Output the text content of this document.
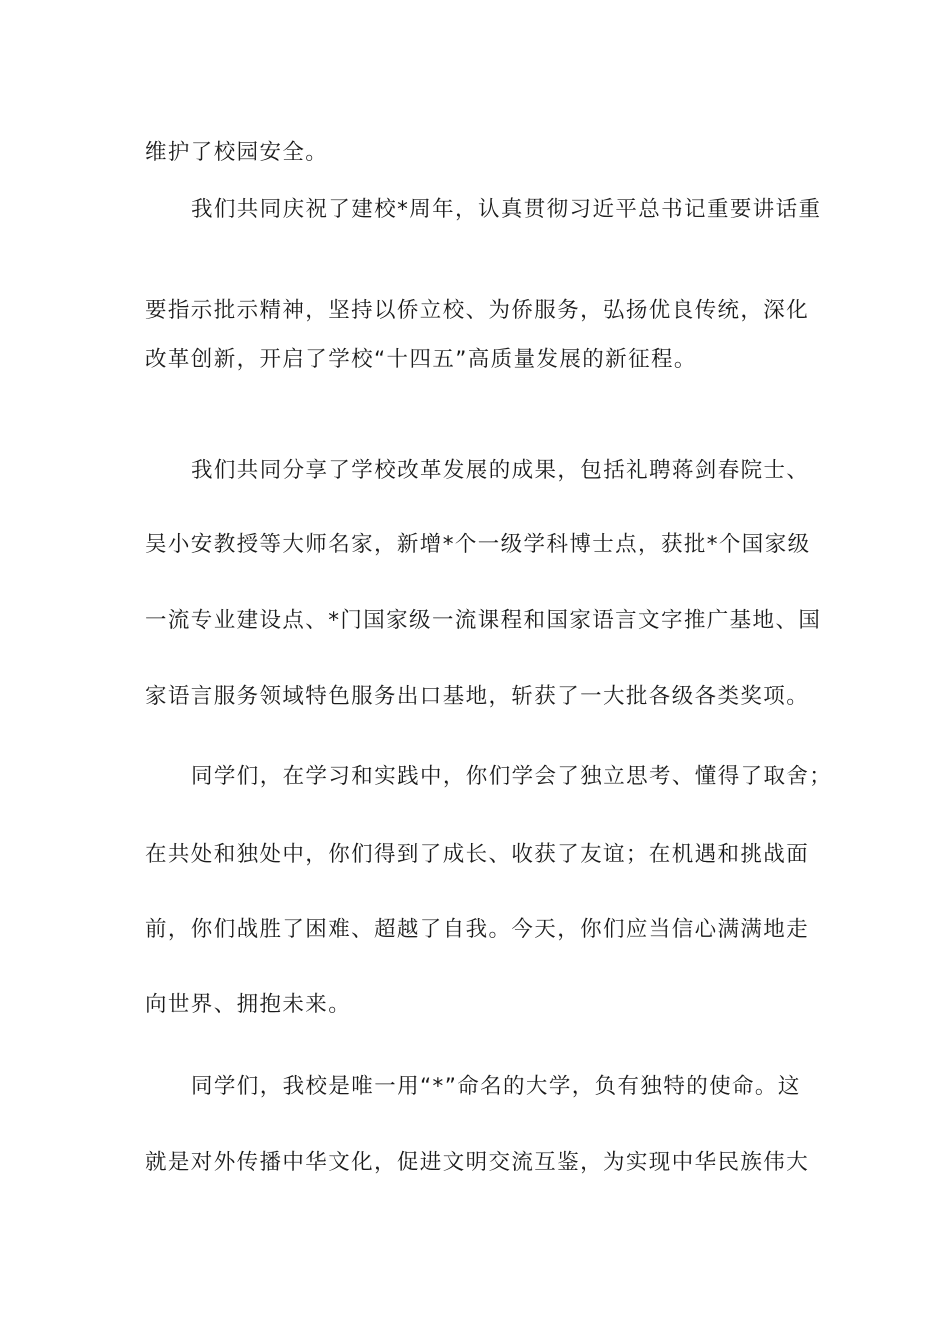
维护了校园安全。
我们共同庆祝了建校*周年，认真贯彻习近平总书记重要讲话重
要指示批示精神，坚持以侨立校、为侨服务，弘扬优良传统，深化
改革创新，开启了学校“十四五”高质量发展的新征程。
我们共同分享了学校改革发展的成果，包括礼聘蒋剑春院士、
吴小安教授等大师名家，新增*个一级学科博士点，获批*个国家级
一流专业建设点、*门国家级一流课程和国家语言文字推广基地、国
家语言服务领域特色服务出口基地，斩获了一大批各级各类奖项。
同学们，在学习和实践中，你们学会了独立思考、懂得了取舍；
在共处和独处中，你们得到了成长、收获了友谊；在机遇和挑战面
前，你们战胜了困难、超越了自我。今天，你们应当信心满满地走
向世界、拥抱未来。
同学们，我校是唯一用“*”命名的大学，负有独特的使命。这
就是对外传播中华文化，促进文明交流互鉴，为实现中华民族伟大
